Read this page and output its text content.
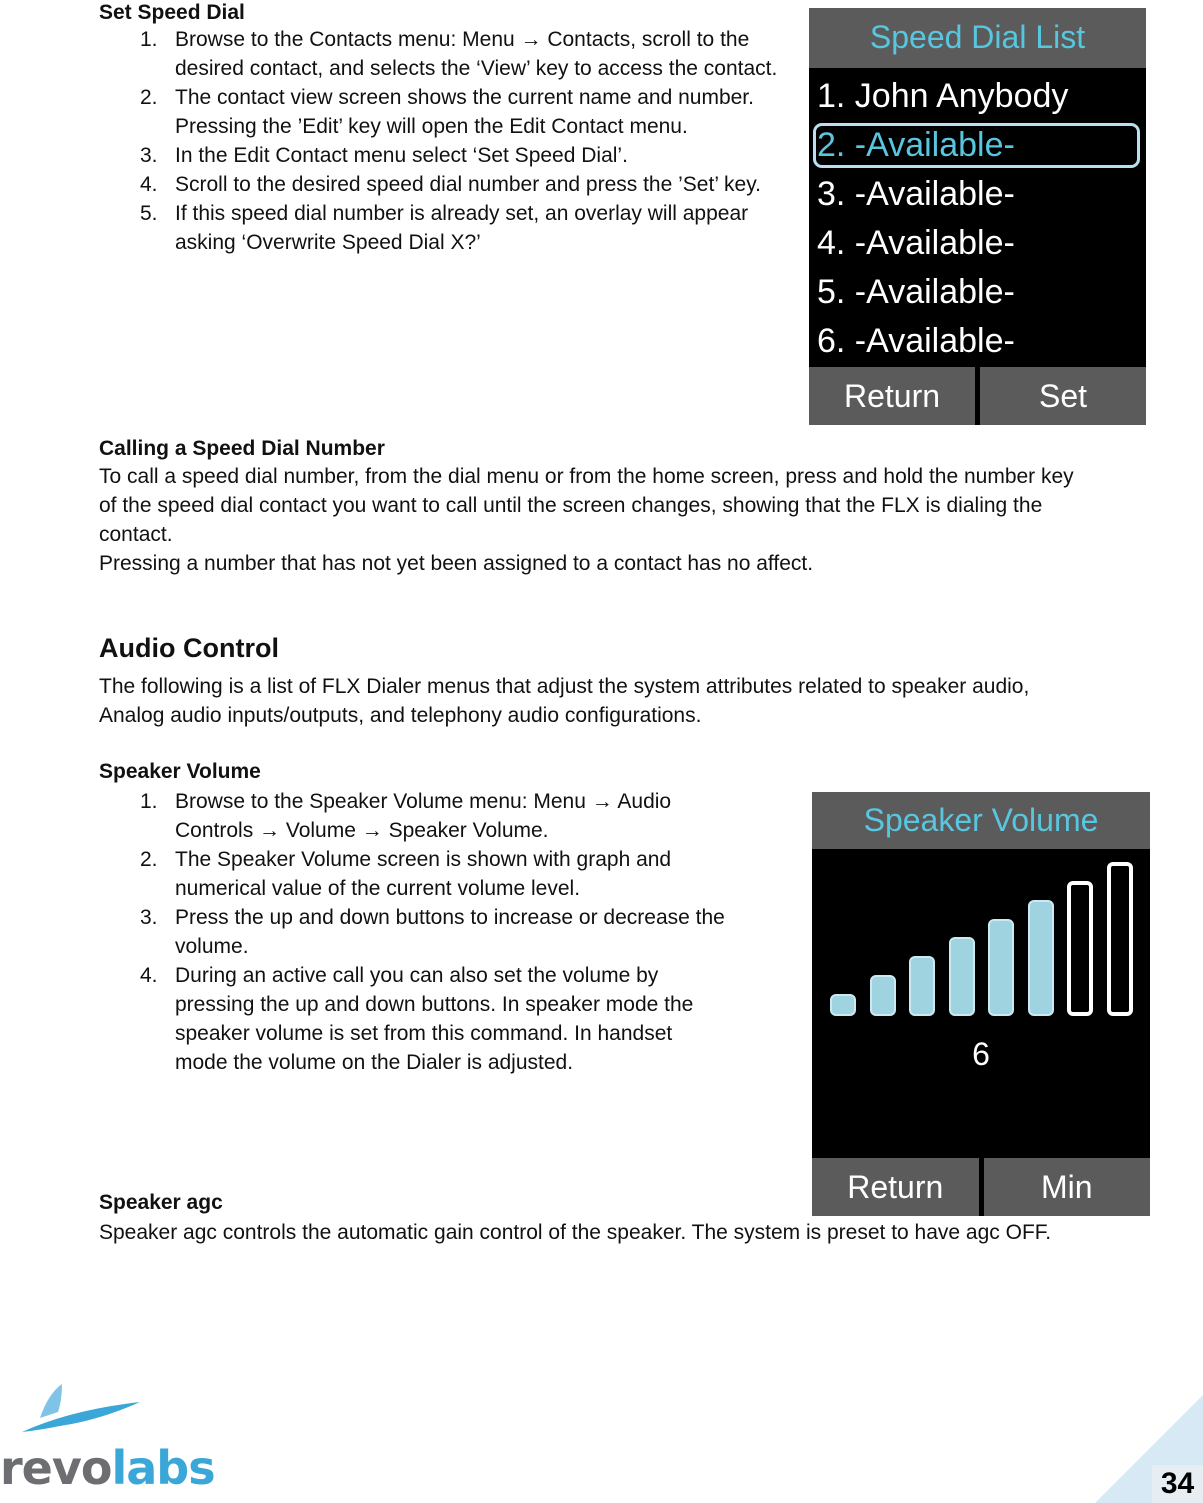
Set Speed Dial
1. Browse to the Contacts menu: Menu → Contacts, scroll to the desired contact, and selects the ‘View’ key to access the contact.
2. The contact view screen shows the current name and number. Pressing the ’Edit’ key will open the Edit Contact menu.
3. In the Edit Contact menu select ‘Set Speed Dial’.
4. Scroll to the desired speed dial number and press the ’Set’ key.
5. If this speed dial number is already set, an overlay will appear asking ‘Overwrite Speed Dial X?’
Speed Dial List
1. John Anybody
2. -Available-
3. -Available-
4. -Available-
5. -Available-
6. -Available-
Return	Set
Calling a Speed Dial Number
To call a speed dial number, from the dial menu or from the home screen, press and hold the number key of the speed dial contact you want to call until the screen changes, showing that the FLX is dialing the contact.
Pressing a number that has not yet been assigned to a contact has no affect.
Audio Control
The following is a list of FLX Dialer menus that adjust the system attributes related to speaker audio, Analog audio inputs/outputs, and telephony audio configurations.
Speaker Volume
1. Browse to the Speaker Volume menu: Menu → Audio Controls → Volume → Speaker Volume.
2. The Speaker Volume screen is shown with graph and numerical value of the current volume level.
3. Press the up and down buttons to increase or decrease the volume.
4. During an active call you can also set the volume by pressing the up and down buttons. In speaker mode the speaker volume is set from this command. In handset mode the volume on the Dialer is adjusted.
Speaker Volume
6
Return	Min
Speaker agc
Speaker agc controls the automatic gain control of the speaker. The system is preset to have agc OFF.
revolabs	34
